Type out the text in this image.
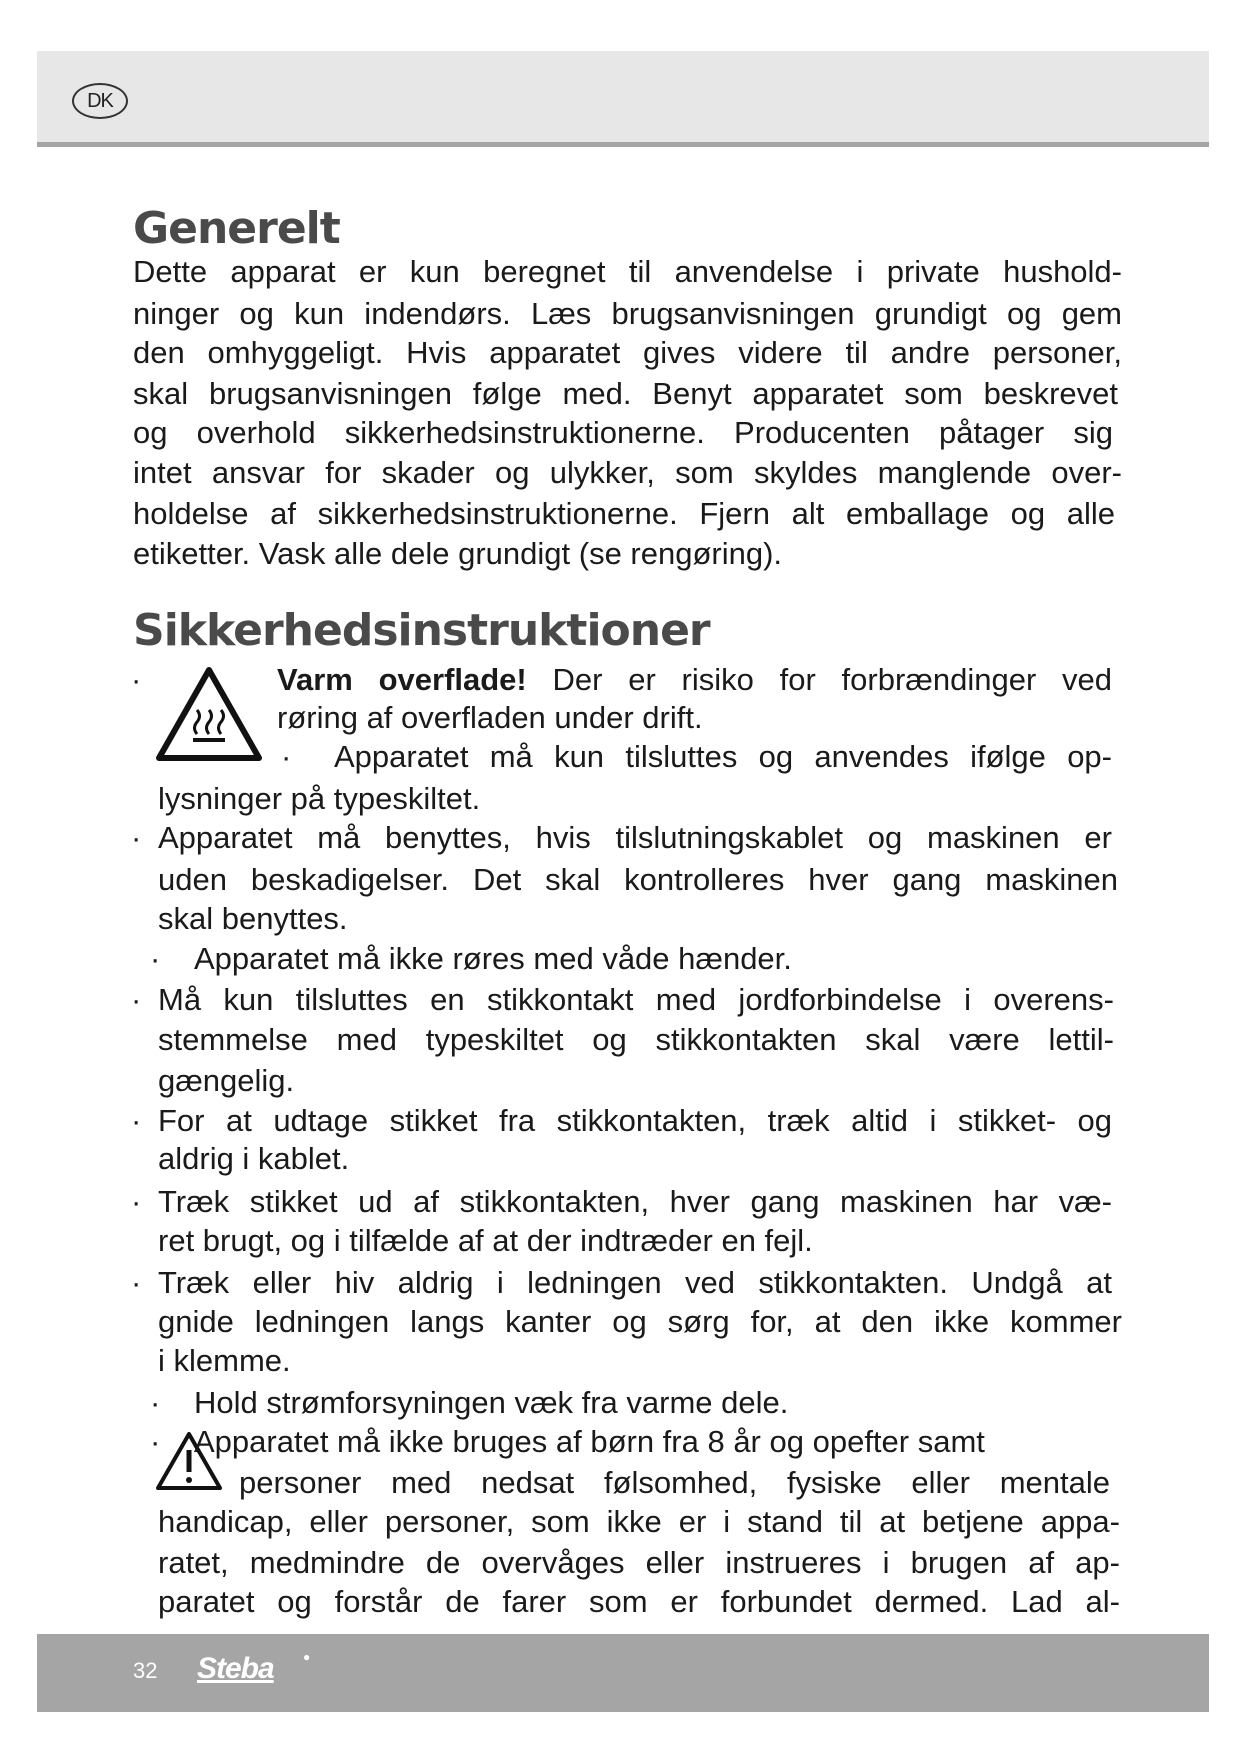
DK
Generelt
Dette apparat er kun beregnet til anvendelse i private hushold-
ninger og kun indendørs. Læs brugsanvisningen grundigt og gem
den omhyggeligt. Hvis apparatet gives videre til andre personer,
skal brugsanvisningen følge med. Benyt apparatet som beskrevet
og overhold sikkerhedsinstruktionerne. Producenten påtager sig
intet ansvar for skader og ulykker, som skyldes manglende over-
holdelse af sikkerhedsinstruktionerne. Fjern alt emballage og alle
etiketter. Vask alle dele grundigt (se rengøring).
Sikkerhedsinstruktioner
·	Varm overflade! Der er risiko for forbrændinger ved
røring af overfladen under drift.
· Apparatet må kun tilsluttes og anvendes ifølge op-
lysninger på typeskiltet.
· Apparatet må benyttes, hvis tilslutningskablet og maskinen er
uden beskadigelser. Det skal kontrolleres hver gang maskinen
skal benyttes.
· Apparatet må ikke røres med våde hænder.
· Må kun tilsluttes en stikkontakt med jordforbindelse i overens-
stemmelse med typeskiltet og stikkontakten skal være lettil-
gængelig.
· For at udtage stikket fra stikkontakten, træk altid i stikket- og
aldrig i kablet.
· Træk stikket ud af stikkontakten, hver gang maskinen har væ-
ret brugt, og i tilfælde af at der indtræder en fejl.
· Træk eller hiv aldrig i ledningen ved stikkontakten. Undgå at
gnide ledningen langs kanter og sørg for, at den ikke kommer
i klemme.
· Hold strømforsyningen væk fra varme dele.
· Apparatet må ikke bruges af børn fra 8 år og opefter samt
personer med nedsat følsomhed, fysiske eller mentale
handicap, eller personer, som ikke er i stand til at betjene appa-
ratet, medmindre de overvåges eller instrueres i brugen af ap-
paratet og forstår de farer som er forbundet dermed. Lad al-
32 Steba ●
